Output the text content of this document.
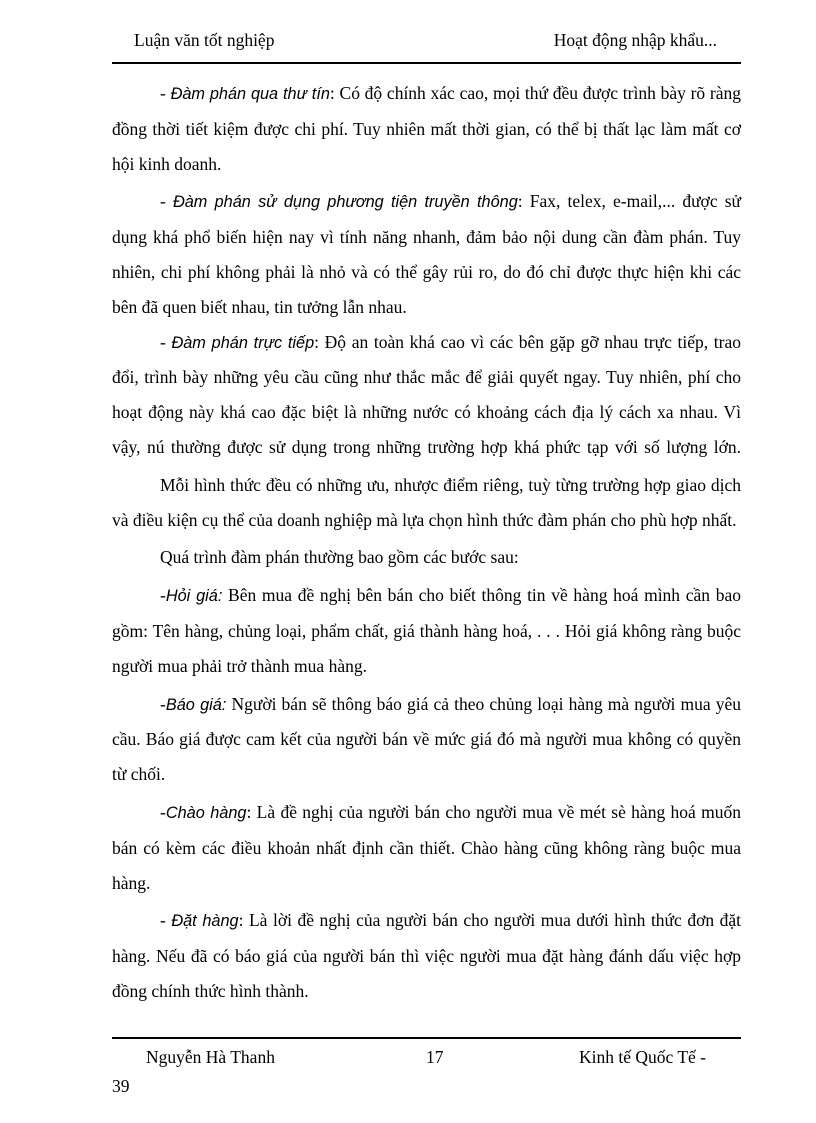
Luận văn tốt nghiệp	Hoạt động nhập khẩu...

- Đàm phán qua thư tín: Có độ chính xác cao, mọi thứ đều được trình bày rõ ràng đồng thời tiết kiệm được chi phí. Tuy nhiên mất thời gian, có thể bị thất lạc làm mất cơ hội kinh doanh.

- Đàm phán sử dụng phương tiện truyền thông: Fax, telex, e-mail,... được sử dụng khá phổ biến hiện nay vì tính năng nhanh, đảm bảo nội dung cần đàm phán. Tuy nhiên, chi phí không phải là nhỏ và có thể gây rủi ro, do đó chỉ được thực hiện khi các bên đã quen biết nhau, tin tưởng lẫn nhau.

- Đàm phán trực tiếp: Độ an toàn khá cao vì các bên gặp gỡ nhau trực tiếp, trao đổi, trình bày những yêu cầu cũng như thắc mắc để giải quyết ngay. Tuy nhiên, phí cho hoạt động này khá cao đặc biệt là những nước có khoảng cách địa lý cách xa nhau. Vì vậy, nú thường được sử dụng trong những trường hợp khá phức tạp với số lượng lớn.

Mỗi hình thức đều có những ưu, nhược điểm riêng, tuỳ từng trường hợp giao dịch và điều kiện cụ thể của doanh nghiệp mà lựa chọn hình thức đàm phán cho phù hợp nhất.

Quá trình đàm phán thường bao gồm các bước sau:

-Hỏi giá: Bên mua đề nghị bên bán cho biết thông tin về hàng hoá mình cần bao gồm: Tên hàng, chủng loại, phẩm chất, giá thành hàng hoá, . . . Hỏi giá không ràng buộc người mua phải trở thành mua hàng.

-Báo giá: Người bán sẽ thông báo giá cả theo chủng loại hàng mà người mua yêu cầu. Báo giá được cam kết của người bán về mức giá đó mà người mua không có quyền từ chối.

-Chào hàng: Là đề nghị của người bán cho người mua về mét sè hàng hoá muốn bán có kèm các điều khoản nhất định cần thiết. Chào hàng cũng không ràng buộc mua hàng.

- Đặt hàng: Là lời đề nghị của người bán cho người mua dưới hình thức đơn đặt hàng. Nếu đã có báo giá của người bán thì việc người mua đặt hàng đánh dấu việc hợp đồng chính thức hình thành.

Nguyễn Hà Thanh	17	Kinh tế Quốc Tế -
39
